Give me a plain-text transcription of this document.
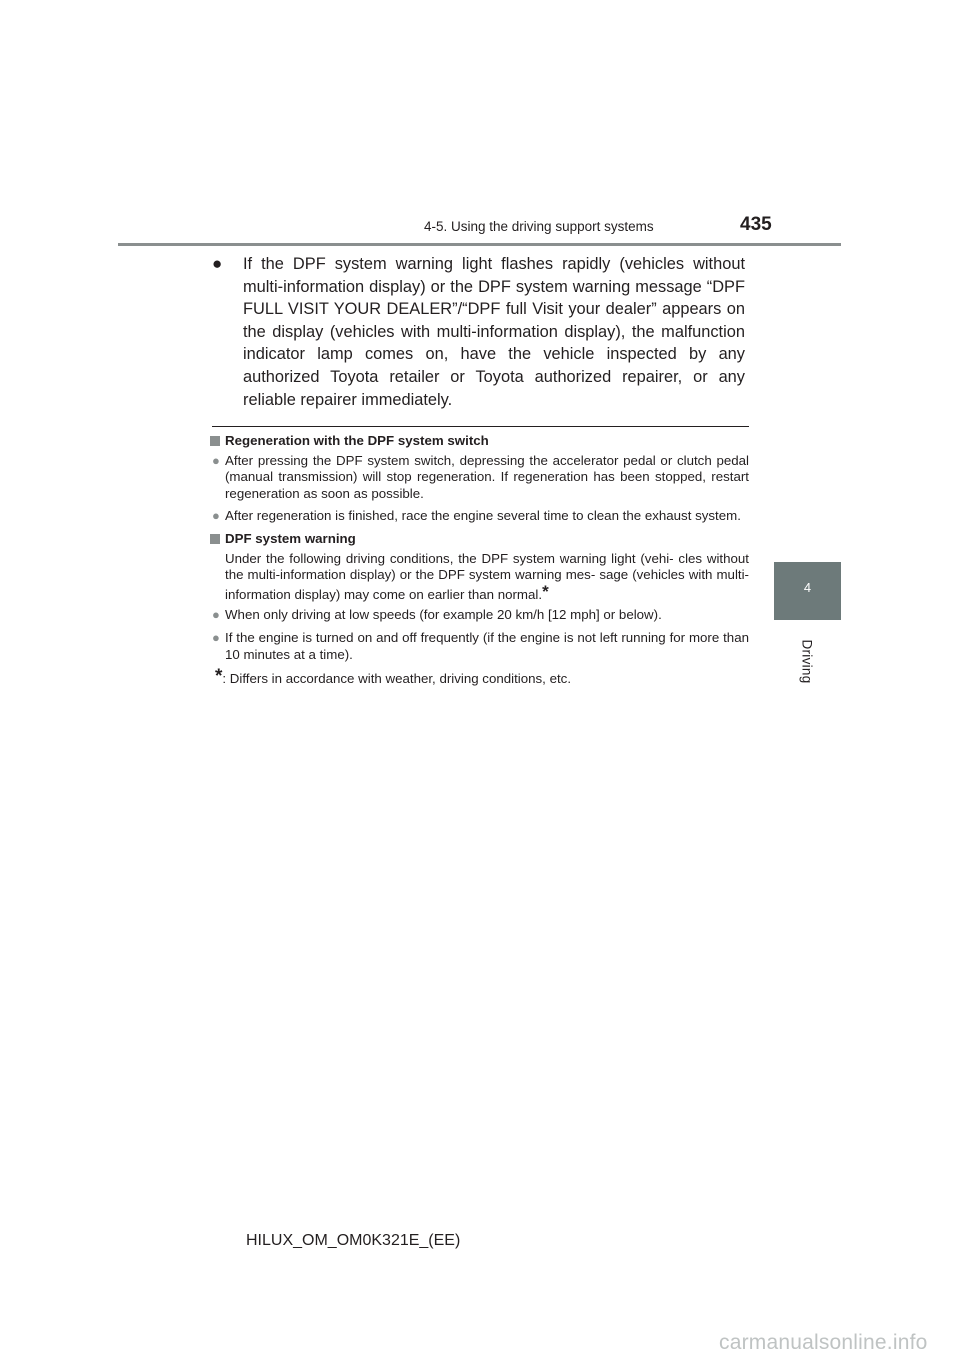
4-5. Using the driving support systems	435
4
Driving
● If the DPF system warning light flashes rapidly (vehicles without multi-information display) or the DPF system warning message “DPF FULL VISIT YOUR DEALER”/“DPF full Visit your dealer” appears on the display (vehicles with multi-information display), the malfunction indicator lamp comes on, have the vehicle inspected by any authorized Toyota retailer or Toyota authorized repairer, or any reliable repairer immediately.
Regeneration with the DPF system switch
● After pressing the DPF system switch, depressing the accelerator pedal or clutch pedal (manual transmission) will stop regeneration. If regeneration has been stopped, restart regeneration as soon as possible.
● After regeneration is finished, race the engine several time to clean the exhaust system.
DPF system warning
Under the following driving conditions, the DPF system warning light (vehi- cles without the multi-information display) or the DPF system warning mes- sage (vehicles with multi-information display) may come on earlier than normal.*
● When only driving at low speeds (for example 20 km/h [12 mph] or below).
● If the engine is turned on and off frequently (if the engine is not left running for more than 10 minutes at a time).
*: Differs in accordance with weather, driving conditions, etc.
HILUX_OM_OM0K321E_(EE)
carmanualsonline.info
